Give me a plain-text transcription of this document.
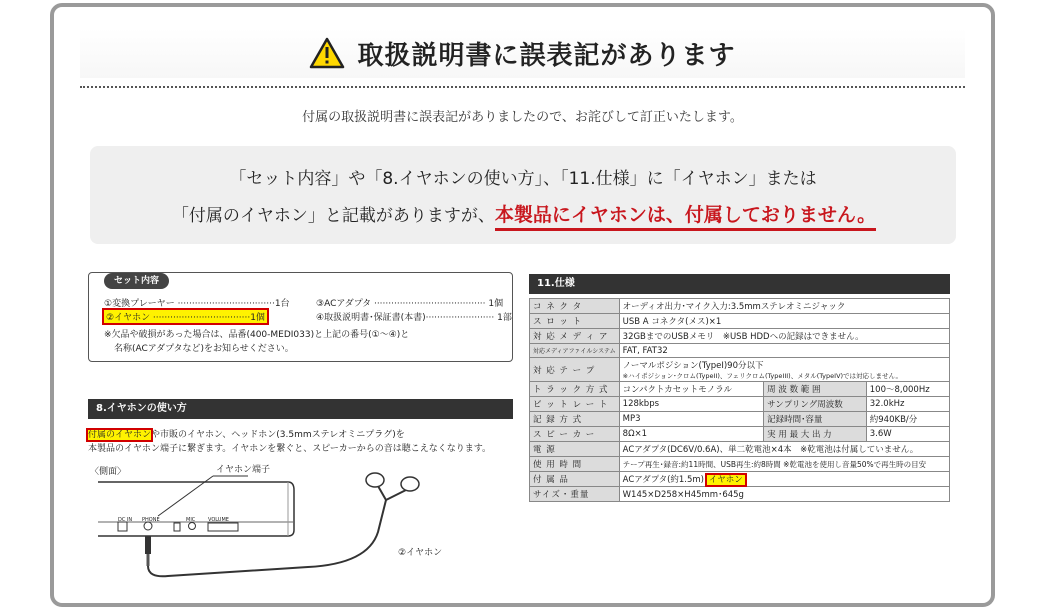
取扱説明書に誤表記があります
付属の取扱説明書に誤表記がありましたので、お詫びして訂正いたします。
「セット内容」や「8.イヤホンの使い方」、「11.仕様」に「イヤホン」または
「付属のイヤホン」と記載がありますが、本製品にイヤホンは、付属しておりません。
セット内容
①変換プレーヤー ··································1台
②イヤホン ··································1個
③ACアダプタ ······································· 1個
④取扱説明書･保証書(本書)························ 1部
※欠品や破損があった場合は、品番(400-MEDI033)と上記の番号(①～④)と
名称(ACアダプタなど)をお知らせください。
8.イヤホンの使い方
付属のイヤホンや市販のイヤホン、ヘッドホン(3.5mmステレオミニプラグ)を
本製品のイヤホン端子に繋ぎます。イヤホンを繋ぐと、スピーカーからの音は聴こえなくなります。
〈側面〉	イヤホン端子
②イヤホン
DC IN PHONE	MIC	VOLUME
11.仕様
コ ネ ク タ	オーディオ出力･マイク入力:3.5mmステレオミニジャック		
ス ロ ッ ト	USB A コネクタ(メス)×1		
対 応 メ デ ィ ア	32GBまでのUSBメモリ　※USB HDDへの記録はできません。		
対応メディアファイルシステム	FAT, FAT32		
対 応 テ ー プ	ノーマルポジション(TypeI)90分以下
※ハイポジション･クロム(TypeII)、フェリクロム(TypeIII)、メタル(TypeIV)では対応しません。		

ト ラ ッ ク 方 式	コンパクトカセットモノラル	周 波 数 範 囲	100～8,000Hz
ビ ッ ト レ ー ト	128kbps	サンプリング周波数	32.0kHz
記 録 方 式	MP3	記録時間･容量	約940KB/分
ス ピ ー カ ー	8Ω×1	実 用 最 大 出 力	3.6W
電 源	ACアダプタ(DC6V/0.6A)、単二乾電池×4本　※乾電池は付属していません。		
使 用 時 間	テープ再生･録音:約11時間、USB再生:約8時間 ※乾電池を使用し音量50%で再生時の目安		
付 属 品	ACアダプタ(約1.5m) イヤホン		
サイズ・重量	W145×D258×H45mm･645g		
